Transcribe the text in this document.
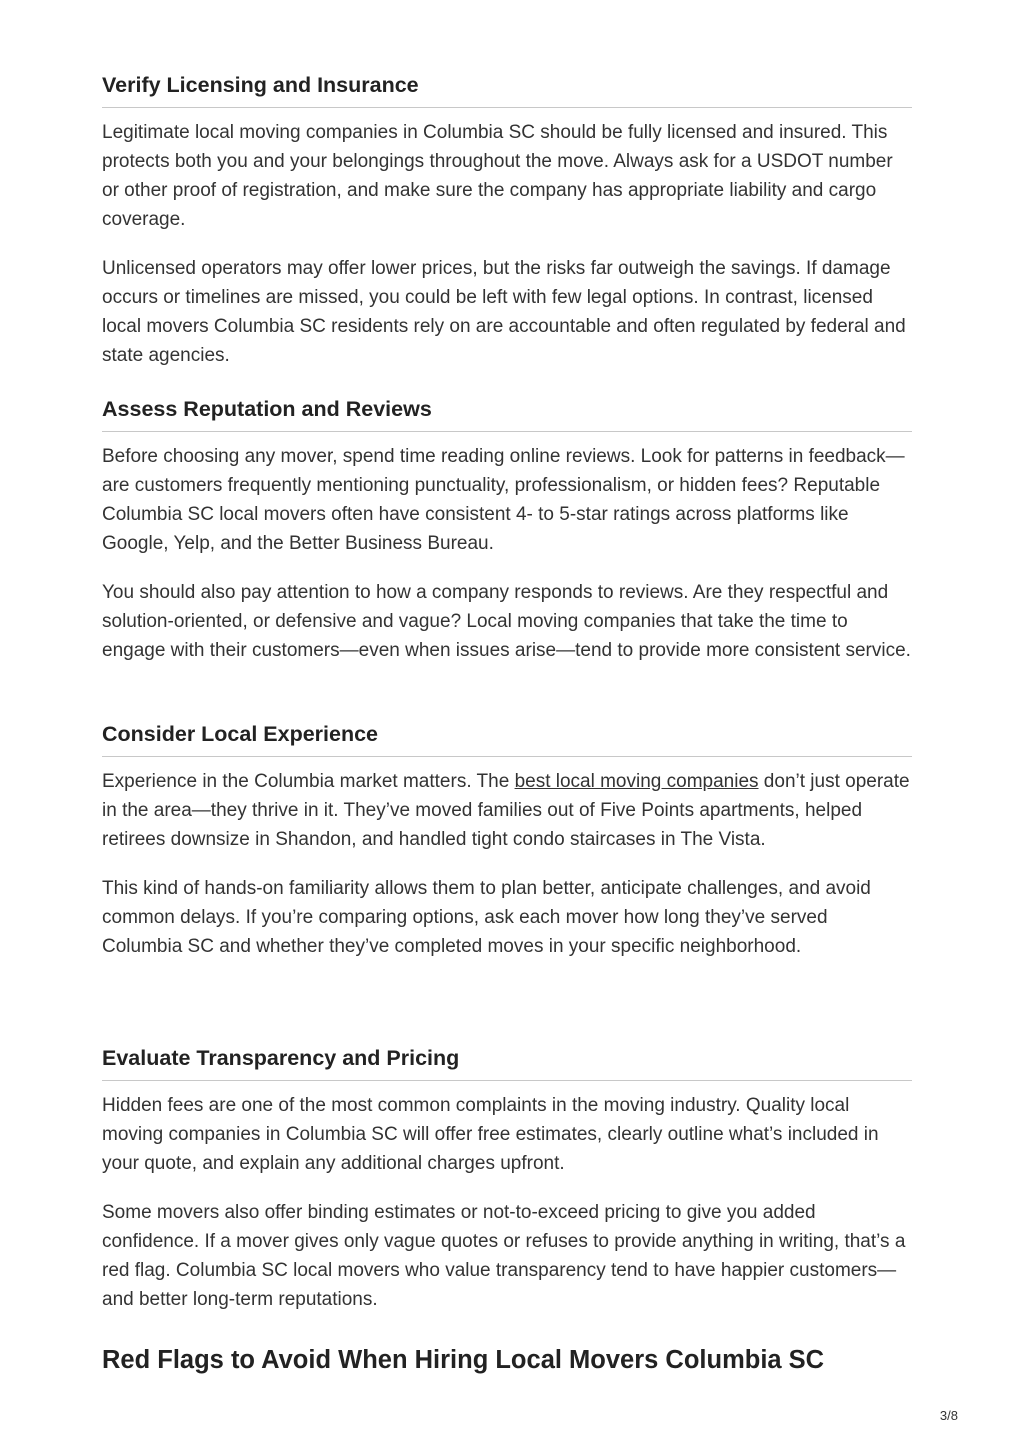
Verify Licensing and Insurance

Legitimate local moving companies in Columbia SC should be fully licensed and insured. This protects both you and your belongings throughout the move. Always ask for a USDOT number or other proof of registration, and make sure the company has appropriate liability and cargo coverage.

Unlicensed operators may offer lower prices, but the risks far outweigh the savings. If damage occurs or timelines are missed, you could be left with few legal options. In contrast, licensed local movers Columbia SC residents rely on are accountable and often regulated by federal and state agencies.

Assess Reputation and Reviews

Before choosing any mover, spend time reading online reviews. Look for patterns in feedback—are customers frequently mentioning punctuality, professionalism, or hidden fees? Reputable Columbia SC local movers often have consistent 4- to 5-star ratings across platforms like Google, Yelp, and the Better Business Bureau.

You should also pay attention to how a company responds to reviews. Are they respectful and solution-oriented, or defensive and vague? Local moving companies that take the time to engage with their customers—even when issues arise—tend to provide more consistent service.

Consider Local Experience

Experience in the Columbia market matters. The best local moving companies don’t just operate in the area—they thrive in it. They’ve moved families out of Five Points apartments, helped retirees downsize in Shandon, and handled tight condo staircases in The Vista.

This kind of hands-on familiarity allows them to plan better, anticipate challenges, and avoid common delays. If you’re comparing options, ask each mover how long they’ve served Columbia SC and whether they’ve completed moves in your specific neighborhood.

Evaluate Transparency and Pricing

Hidden fees are one of the most common complaints in the moving industry. Quality local moving companies in Columbia SC will offer free estimates, clearly outline what’s included in your quote, and explain any additional charges upfront.

Some movers also offer binding estimates or not-to-exceed pricing to give you added confidence. If a mover gives only vague quotes or refuses to provide anything in writing, that’s a red flag. Columbia SC local movers who value transparency tend to have happier customers—and better long-term reputations.

Red Flags to Avoid When Hiring Local Movers Columbia SC
3/8
